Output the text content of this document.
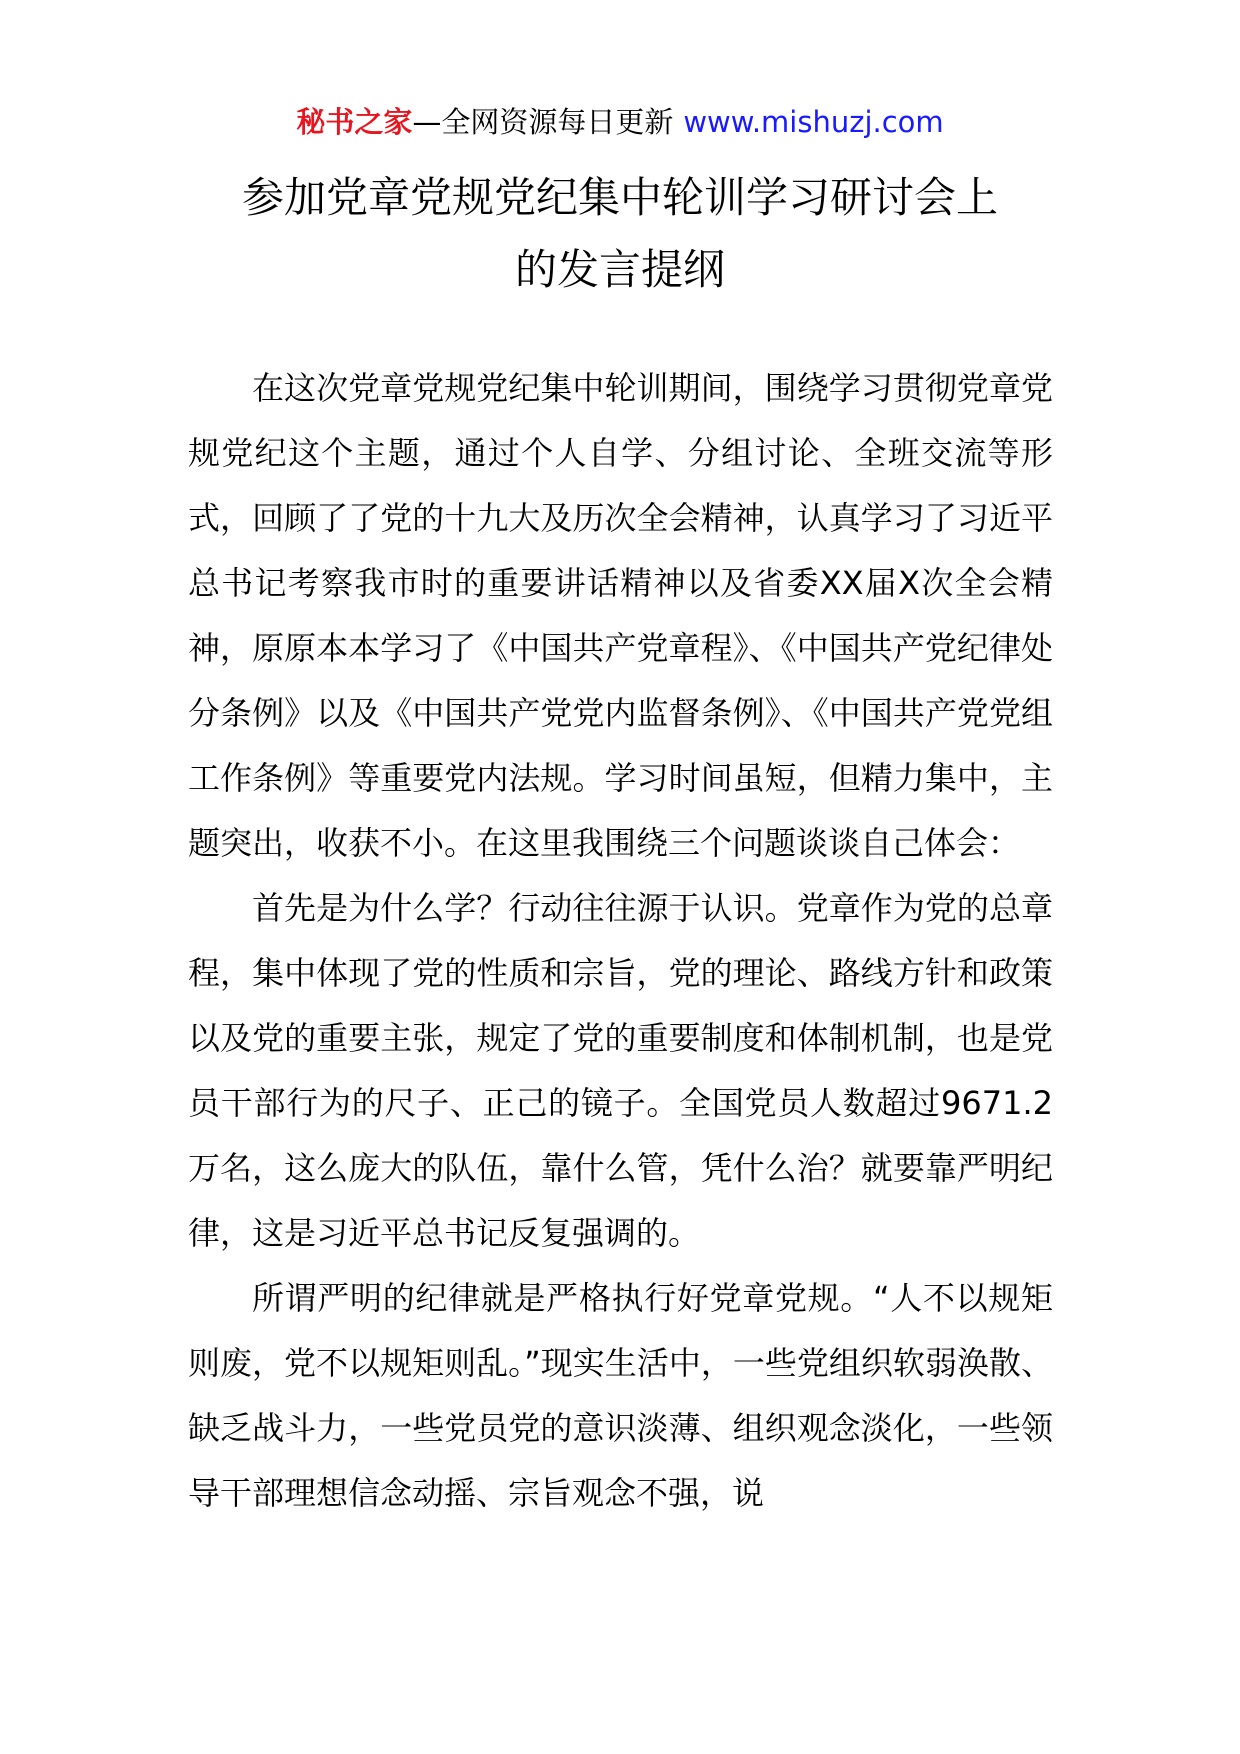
秘书之家—全网资源每日更新 www.mishuzj.com
参加党章党规党纪集中轮训学习研讨会上
的发言提纲

在这次党章党规党纪集中轮训期间，围绕学习贯彻党章党规党纪这个主题，通过个人自学、分组讨论、全班交流等形式，回顾了了党的十九大及历次全会精神，认真学习了习近平总书记考察我市时的重要讲话精神以及省委XX届X次全会精神，原原本本学习了《中国共产党章程》、《中国共产党纪律处分条例》以及《中国共产党党内监督条例》、《中国共产党党组工作条例》等重要党内法规。学习时间虽短，但精力集中，主题突出，收获不小。在这里我围绕三个问题谈谈自己体会：

首先是为什么学？行动往往源于认识。党章作为党的总章程，集中体现了党的性质和宗旨，党的理论、路线方针和政策以及党的重要主张，规定了党的重要制度和体制机制，也是党员干部行为的尺子、正己的镜子。全国党员人数超过9671.2万名，这么庞大的队伍，靠什么管，凭什么治？就要靠严明纪律，这是习近平总书记反复强调的。

所谓严明的纪律就是严格执行好党章党规。“人不以规矩则废，党不以规矩则乱。”现实生活中，一些党组织软弱涣散、缺乏战斗力，一些党员党的意识淡薄、组织观念淡化，一些领导干部理想信念动摇、宗旨观念不强，说
